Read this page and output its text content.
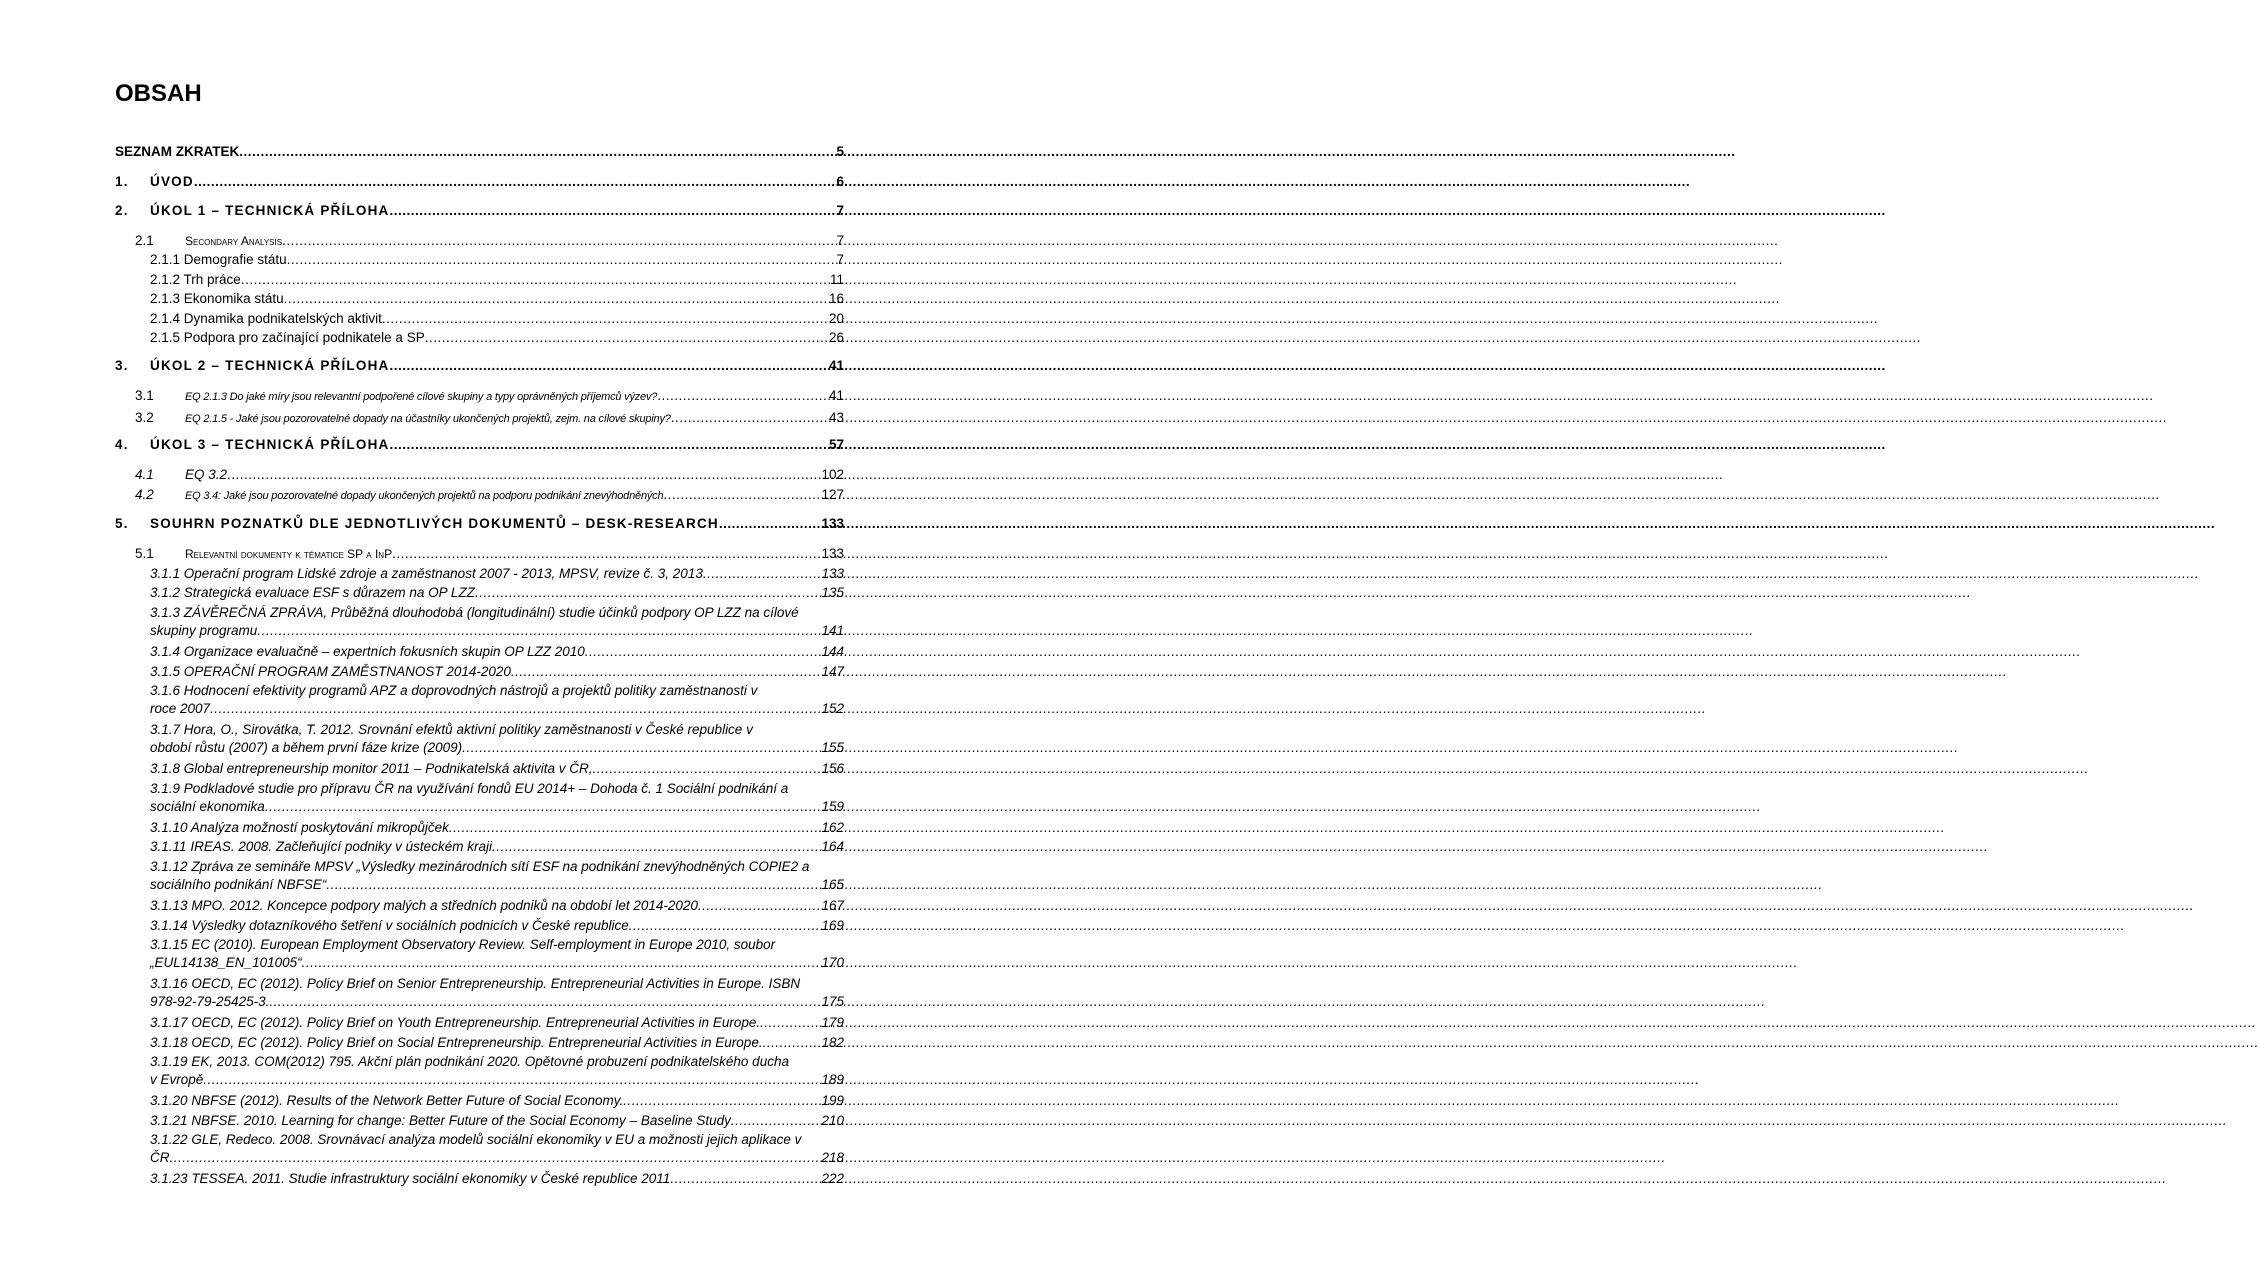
OBSAH
SEZNAM ZKRATEK .....	5
1. ÚVOD .....	6
2. ÚKOL 1 – TECHNICKÁ PŘÍLOHA .....	7
2.1	Secondary Analysis .....	7
2.1.1 Demografie státu .....	7
2.1.2 Trh práce .....	11
2.1.3 Ekonomika státu .....	16
2.1.4 Dynamika podnikatelských aktivit .....	20
2.1.5 Podpora pro začínající podnikatele a SP .....	26
3. ÚKOL 2 – TECHNICKÁ PŘÍLOHA .....	41
3.1	EQ 2.1.3 Do jaké míry jsou relevantní podpořené cílové skupiny a typy oprávněných příjemců výzev? .....	41
3.2	EQ 2.1.5 - Jaké jsou pozorovatelné dopady na účastníky ukončených projektů, zejm. na cílové skupiny? .....	43
4. ÚKOL 3 – TECHNICKÁ PŘÍLOHA .....	57
4.1 EQ 3.2 .....	102
4.2	EQ 3.4: Jaké jsou pozorovatelné dopady ukončených projektů na podporu podnikání znevýhodněných .....	127
5. SOUHRN POZNATKŮ DLE JEDNOTLIVÝCH DOKUMENTŮ – DESK-RESEARCH .....	133
5.1	Relevantní dokumenty k tématice SP a InP .....	133
3.1.1 Operační program Lidské zdroje a zaměstnanost 2007 - 2013, MPSV, revize č. 3, 2013 .....	133
3.1.2 Strategická evaluace ESF s důrazem na OP LZZ .....	135
3.1.3 ZÁVĚREČNÁ ZPRÁVA, Průběžná dlouhodobá (longitudinální) studie účinků podpory OP LZZ na cílové
skupiny programu .....	141
3.1.4 Organizace evaluačně – expertních fokusních skupin OP LZZ 2010 .....	144
3.1.5 OPERAČNÍ PROGRAM ZAMĚSTNANOST 2014-2020 .....	147
3.1.6 Hodnocení efektivity programů APZ a doprovodných nástrojů a projektů politiky zaměstnanosti v
roce 2007 .....	152
3.1.7 Hora, O., Sirovátka, T. 2012. Srovnání efektů aktivní politiky zaměstnanosti v České republice v
období růstu (2007) a během první fáze krize (2009) .....	155
3.1.8 Global entrepreneurship monitor 2011 – Podnikatelská aktivita v ČR, .....	156
3.1.9 Podkladové studie pro přípravu ČR na využívání fondů EU 2014+ – Dohoda č. 1 Sociální podnikání a
sociální ekonomika .....	159
3.1.10 Analýza možností poskytování mikropůjček .....	162
3.1.11 IREAS. 2008. Začleňující podniky v ústeckém kraji .....	164
3.1.12 Zpráva ze semináře MPSV „Výsledky mezinárodních sítí ESF na podnikání znevýhodněných COPIE2 a
sociálního podnikání NBFSE“ .....	165
3.1.13 MPO. 2012. Koncepce podpory malých a středních podniků na období let 2014-2020 .....	167
3.1.14 Výsledky dotazníkového šetření v sociálních podnicích v České republice .....	169
3.1.15 EC (2010). European Employment Observatory Review. Self-employment in Europe 2010, soubor
„EUL14138_EN_101005“ .....	170
3.1.16 OECD, EC (2012). Policy Brief on Senior Entrepreneurship. Entrepreneurial Activities in Europe. ISBN
978-92-79-25425-3. .....	175
3.1.17 OECD, EC (2012). Policy Brief on Youth Entrepreneurship. Entrepreneurial Activities in Europe. .....	179
3.1.18 OECD, EC (2012). Policy Brief on Social Entrepreneurship. Entrepreneurial Activities in Europe. .....	182
3.1.19 EK, 2013. COM(2012) 795. Akční plán podnikání 2020. Opětovné probuzení podnikatelského ducha
v Evropě .....	189
3.1.20 NBFSE (2012). Results of the Network Better Future of Social Economy. .....	199
3.1.21 NBFSE. 2010. Learning for change: Better Future of the Social Economy – Baseline Study .....	210
3.1.22 GLE, Redeco. 2008. Srovnávací analýza modelů sociální ekonomiky v EU a možnosti jejich aplikace v
ČR .....	218
3.1.23 TESSEA. 2011. Studie infrastruktury sociální ekonomiky v České republice 2011 .....	222
